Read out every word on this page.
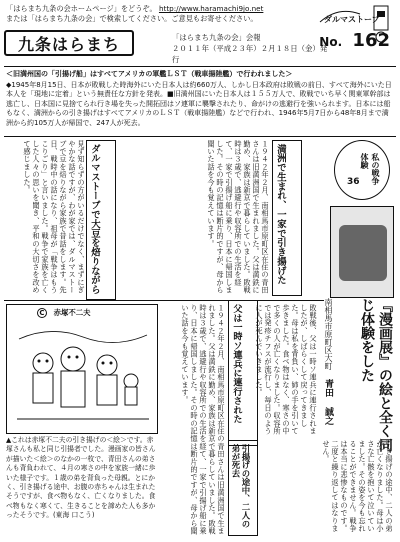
「はらまち九条の会ホームページ」をどうぞ。 http://www.haramachi9jo.net
または「はらまち九条の会」で検索してください。ご意見もお寄せください。	ダルマストーブ
九条はらまち	「はらまち九条の会」会報
２０１１年（平成２３年）２月１８日（金）発行
No. 162
＜旧満州国の「引揚げ船」はすべてアメリカの軍艦ＬＳＴ（戦車揚陸艦）で行われました＞
◆1945年8月15日、日本が敗戦した時海外にいた日本人は約660万人、しかし日本政府は敗戦の前日、すべて海外にいた日本人を「現地に定着」という無責任な方針を発表。■旧満州国にいた日本人は１５５万人で、敗戦でいち早く関東軍幹部は逃亡し、日本国に見捨てられ行き場を失った開拓団はソ連軍に襲撃されたり、命がけの逃避行を強いられます。日本には船もなく、満洲からの引き揚げはすべてアメリカのＬＳＴ（戦車揚陸艦）などで行われ、1946年5月7日から48年8月まで満洲から約105万人が帰国で、247人が死去。
見ず知らずの方がいるだけでなく、まずにぎやかな話ですが、わが家では、ダルマストーブで豆を焙りながら家族で昔話をします。先日、戦時中の話になり、祖母が「戦争はもうこりごり」と言いました。戦争で家族を亡くした人々の思いを聞き、平和の大切さを改めて感じました。	ダルマストーブで大豆を焙りながら	１９４２年２月、南相馬市原町区在住の青田さんは旧満洲国で生まれました。父は満鉄に勤め、家族は新京で暮らしていました。敗戦時は３歳で、逃避行や収容所での生活を経て、一家で引揚げ船に乗り、日本に帰国しました。その時の記憶は断片的ですが、母から聞いた話を今も覚えています。	満洲で生まれ、一家で引き揚げた	私の戦争体験
36
『漫画展』の絵と全く同じ体験をした
南相馬市原町区大町 青田 誠之
C 赤塚不二夫
▲これは赤塚不二夫の引き揚げの＜絵＞です。赤塚さんも私と同じ引揚者でした。漫画家の皆さんが描いた＜絵＞のなかの一枚で、青田さんの弟さんも背負われて、４月の寒さの中を家族一緒に歩いた様子です。１歳の弟を背負った母親。とにかく、引き揚げる途中、お腹の赤ちゃんは生まれたそうですが、食べ物もなく、亡くなりました。食べ物もなく寒くて、生きることを諦めた人も多かったそうです。(東海 口こう)
敗戦後、父は一時ソ連兵に連行されましたが、しばらくして戻ってきました。母は私を背負い、姉の手を引いて歩きました。食べ物はなく、寒さの中で多くの人が亡くなりました。収容所では発疹チフスが流行し、毎日のように人が死んでいきました。
１９４２年２月、南相馬市原町区在住の青田さんは旧満洲国で生まれました。父は満鉄に勤め、家族は新京で暮らしていました。敗戦時は３歳で、逃避行や収容所での生活を経て、一家で引揚げ船に乗り、日本に帰国しました。その時の記憶は断片的ですが、母から聞いた話を今も覚えています。	父は一時ソ連兵に連行された
引揚げの途中、二人の弟が死去	引き揚げの途中、二人の弟が亡くなりました。母は小さな亡骸を抱いて泣いていました。その姿を今も忘れることができません。戦争は本当に悲惨なものです。二度と繰り返してはなりません。
